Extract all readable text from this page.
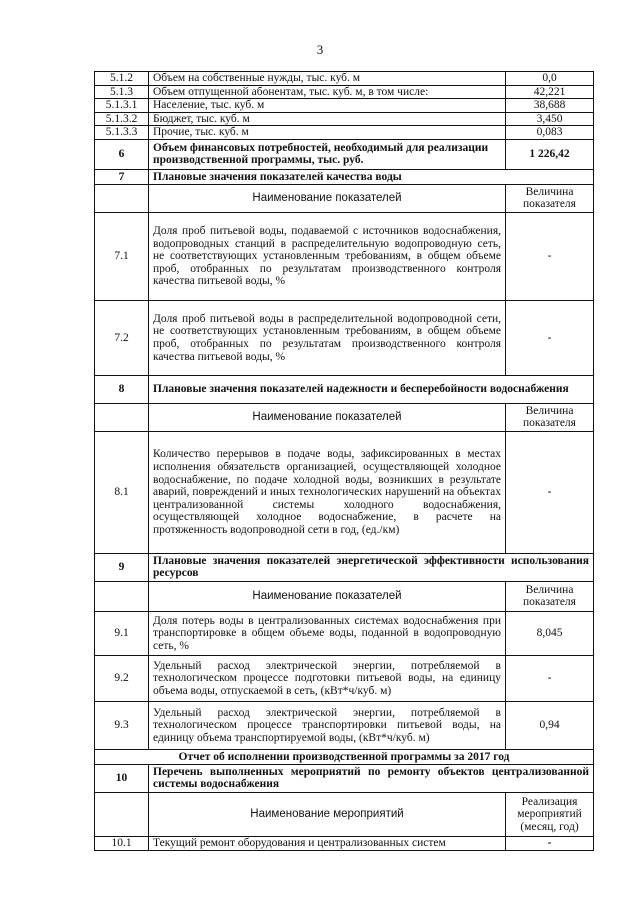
3
5.1.2	Объем на собственные нужды, тыс. куб. м	0,0
5.1.3	Объем отпущенной абонентам, тыс. куб. м, в том числе:	42,221
5.1.3.1	Население, тыс. куб. м	38,688
5.1.3.2	Бюджет, тыс. куб. м	3,450
5.1.3.3	Прочие, тыс. куб. м	0,083
6	Объем финансовых потребностей, необходимый для реализации производственной программы, тыс. руб.	1 226,42
7	Плановые значения показателей качества воды	
	Наименование показателей	Величина показателя
7.1	Доля проб питьевой воды, подаваемой с источников водоснабжения, водопроводных станций в распределительную водопроводную сеть, не соответствующих установленным требованиям, в общем объеме проб, отобранных по результатам производственного контроля качества питьевой воды, %	-
7.2	Доля проб питьевой воды в распределительной водопроводной сети, не соответствующих установленным требованиям, в общем объеме проб, отобранных по результатам производственного контроля качества питьевой воды, %	-
8	Плановые значения показателей надежности и бесперебойности водоснабжения	
	Наименование показателей	Величина показателя
8.1	Количество перерывов в подаче воды, зафиксированных в местах исполнения обязательств организацией, осуществляющей холодное водоснабжение, по подаче холодной воды, возникших в результате аварий, повреждений и иных технологических нарушений на объектах централизованной системы холодного водоснабжения, осуществляющей холодное водоснабжение, в расчете на протяженность водопроводной сети в год, (ед./км)	-
9	Плановые значения показателей энергетической эффективности использования ресурсов	
	Наименование показателей	Величина показателя
9.1	Доля потерь воды в централизованных системах водоснабжения при транспортировке в общем объеме воды, поданной в водопроводную сеть, %	8,045
9.2	Удельный расход электрической энергии, потребляемой в технологическом процессе подготовки питьевой воды, на единицу объема воды, отпускаемой в сеть, (кВт*ч/куб. м)	-
9.3	Удельный расход электрической энергии, потребляемой в технологическом процессе транспортировки питьевой воды, на единицу объема транспортируемой воды, (кВт*ч/куб. м)	0,94
Отчет об исполнении производственной программы за 2017 год		
10	Перечень выполненных мероприятий по ремонту объектов централизованной системы водоснабжения	
	Наименование мероприятий	Реализация мероприятий (месяц, год)
10.1	Текущий ремонт оборудования и централизованных систем	-
